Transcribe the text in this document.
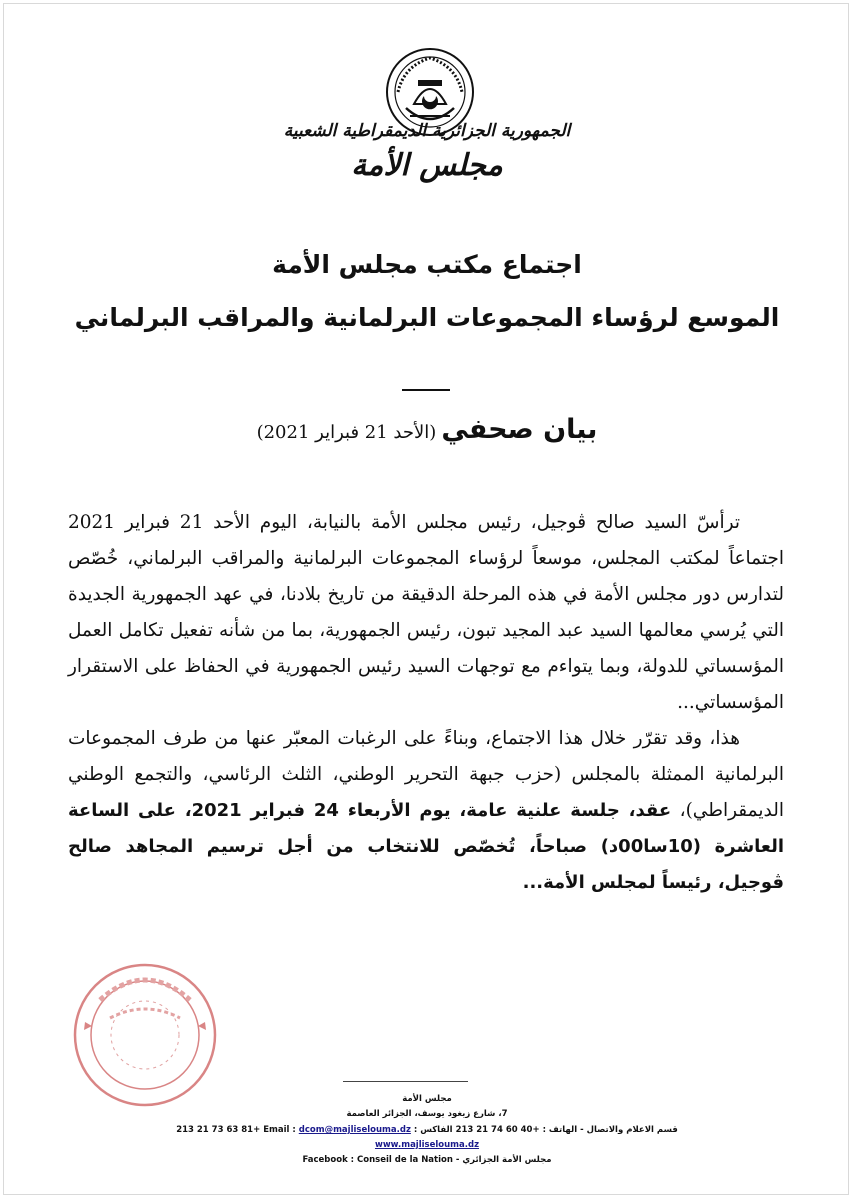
الجمهورية الجزائرية الديمقراطية الشعبية
مجلس الأمة
اجتماع مكتب مجلس الأمة
الموسع لرؤساء المجموعات البرلمانية والمراقب البرلماني
بيان صحفي (الأحد 21 فبراير 2021)

ترأسّ السيد صالح ڤوجيل، رئيس مجلس الأمة بالنيابة، اليوم الأحد 21 فبراير 2021 اجتماعاً لمكتب المجلس، موسعاً لرؤساء المجموعات البرلمانية والمراقب البرلماني، خُصّص لتدارس دور مجلس الأمة في هذه المرحلة الدقيقة من تاريخ بلادنا، في عهد الجمهورية الجديدة التي يُرسي معالمها السيد عبد المجيد تبون، رئيس الجمهورية، بما من شأنه تفعيل تكامل العمل المؤسساتي للدولة، وبما يتواءم مع توجهات السيد رئيس الجمهورية في الحفاظ على الاستقرار المؤسساتي...

هذا، وقد تقرّر خلال هذا الاجتماع، وبناءً على الرغبات المعبّر عنها من طرف المجموعات البرلمانية الممثلة بالمجلس (حزب جبهة التحرير الوطني، الثلث الرئاسي، والتجمع الوطني الديمقراطي)، عقد، جلسة علنية عامة، يوم الأربعاء 24 فبراير 2021، على الساعة العاشرة (10سا00د) صباحاً، تُخصّص للانتخاب من أجل ترسيم المجاهد صالح ڤوجيل، رئيساً لمجلس الأمة...

مجلس الأمة
7، شارع زيغود يوسف، الجزائر العاصمة
قسم الاعلام والاتصال - الهاتف : 213 21 74 60 40+ الفاكس : 213 21 73 63 81+ Email : dcom@majliselouma.dz
www.majliselouma.dz
مجلس الأمة الجزائري - Facebook : Conseil de la Nation
